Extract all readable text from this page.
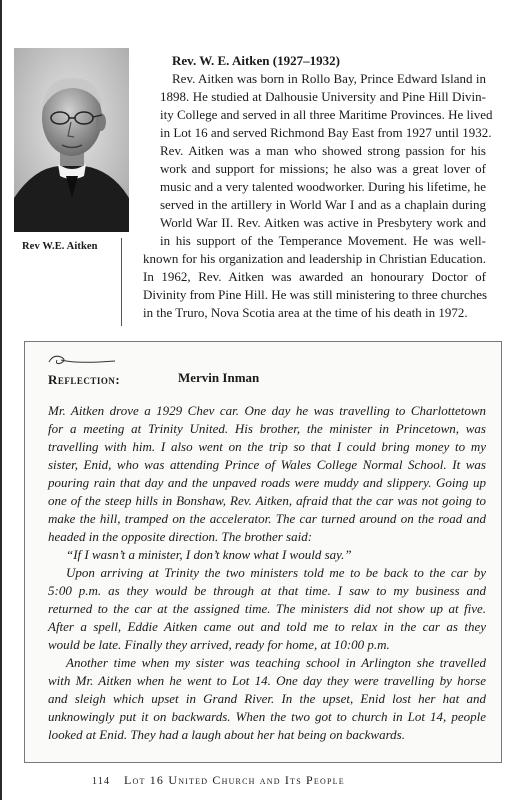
Rev W.E. Aitken
Rev. W. E. Aitken (1927–1932)
Rev. Aitken was born in Rollo Bay, Prince Edward Island in
1898. He studied at Dalhousie University and Pine Hill Divin-
ity College and served in all three Maritime Provinces. He lived
in Lot 16 and served Richmond Bay East from 1927 until 1932.
Rev. Aitken was a man who showed strong passion for his
work and support for missions; he also was a great lover of
music and a very talented woodworker. During his lifetime, he
served in the artillery in World War I and as a chaplain during
World War II. Rev. Aitken was active in Presbytery work and
in his support of the Temperance Movement. He was well-
known for his organization and leadership in Christian Education.
In 1962, Rev. Aitken was awarded an honourary Doctor of
Divinity from Pine Hill. He was still ministering to three churches
in the Truro, Nova Scotia area at the time of his death in 1972.
Reflection:	Mervin Inman
Mr. Aitken drove a 1929 Chev car. One day he was travelling to Charlottetown
for a meeting at Trinity United. His brother, the minister in Princetown, was
travelling with him. I also went on the trip so that I could bring money to my
sister, Enid, who was attending Prince of Wales College Normal School. It was
pouring rain that day and the unpaved roads were muddy and slippery. Going up
one of the steep hills in Bonshaw, Rev. Aitken, afraid that the car was not going to
make the hill, tramped on the accelerator. The car turned around on the road and
headed in the opposite direction. The brother said:
“If I wasn’t a minister, I don’t know what I would say.”
Upon arriving at Trinity the two ministers told me to be back to the car by
5:00 p.m. as they would be through at that time. I saw to my business and
returned to the car at the assigned time. The ministers did not show up at five.
After a spell, Eddie Aitken came out and told me to relax in the car as they
would be late. Finally they arrived, ready for home, at 10:00 p.m.
Another time when my sister was teaching school in Arlington she travelled
with Mr. Aitken when he went to Lot 14. One day they were travelling by horse
and sleigh which upset in Grand River. In the upset, Enid lost her hat and
unknowingly put it on backwards. When the two got to church in Lot 14, people
looked at Enid. They had a laugh about her hat being on backwards.
114 Lot 16 United Church and Its People
